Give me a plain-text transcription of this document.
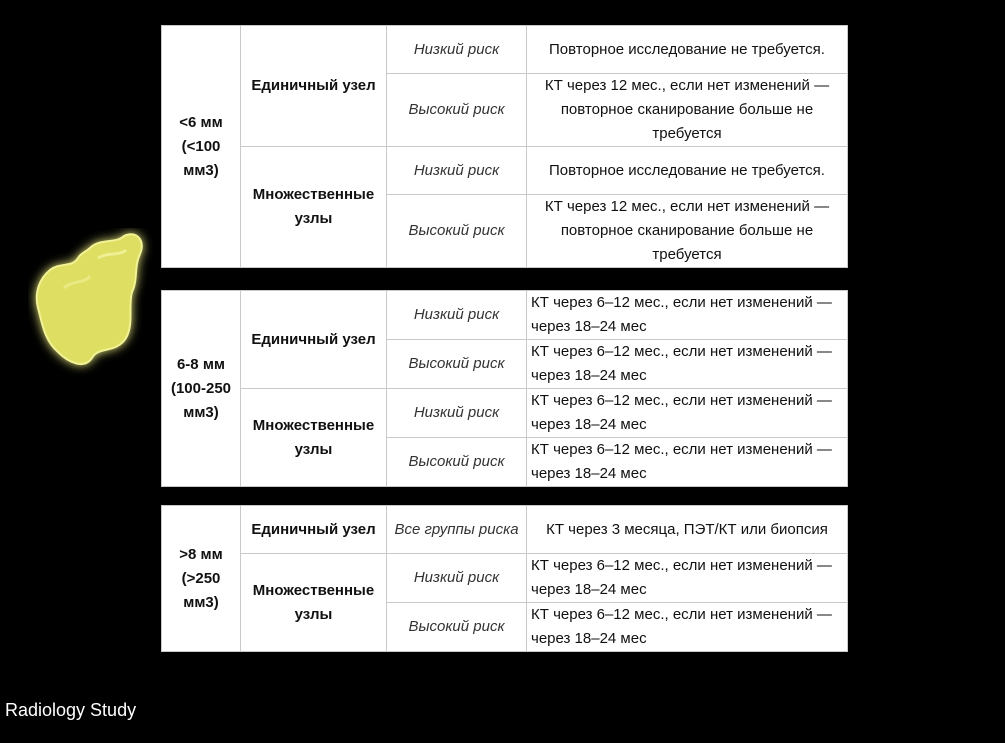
<6 мм (<100 мм3)	Единичный узел	Низкий риск	Повторное исследование не требуется.
		Высокий риск	КТ через 12 мес., если нет изменений — повторное сканирование больше не требуется
	Множественные узлы	Низкий риск	Повторное исследование не требуется.
		Высокий риск	КТ через 12 мес., если нет изменений — повторное сканирование больше не требуется
6-8 мм (100-250 мм3)	Единичный узел	Низкий риск	КТ через 6–12 мес., если нет изменений — через 18–24 мес
		Высокий риск	КТ через 6–12 мес., если нет изменений — через 18–24 мес
	Множественные узлы	Низкий риск	КТ через 6–12 мес., если нет изменений — через 18–24 мес
		Высокий риск	КТ через 6–12 мес., если нет изменений — через 18–24 мес
>8 мм (>250 мм3)	Единичный узел	Все группы риска	КТ через 3 месяца, ПЭТ/КТ или биопсия
	Множественные узлы	Низкий риск	КТ через 6–12 мес., если нет изменений — через 18–24 мес
		Высокий риск	КТ через 6–12 мес., если нет изменений — через 18–24 мес
Radiology Study
